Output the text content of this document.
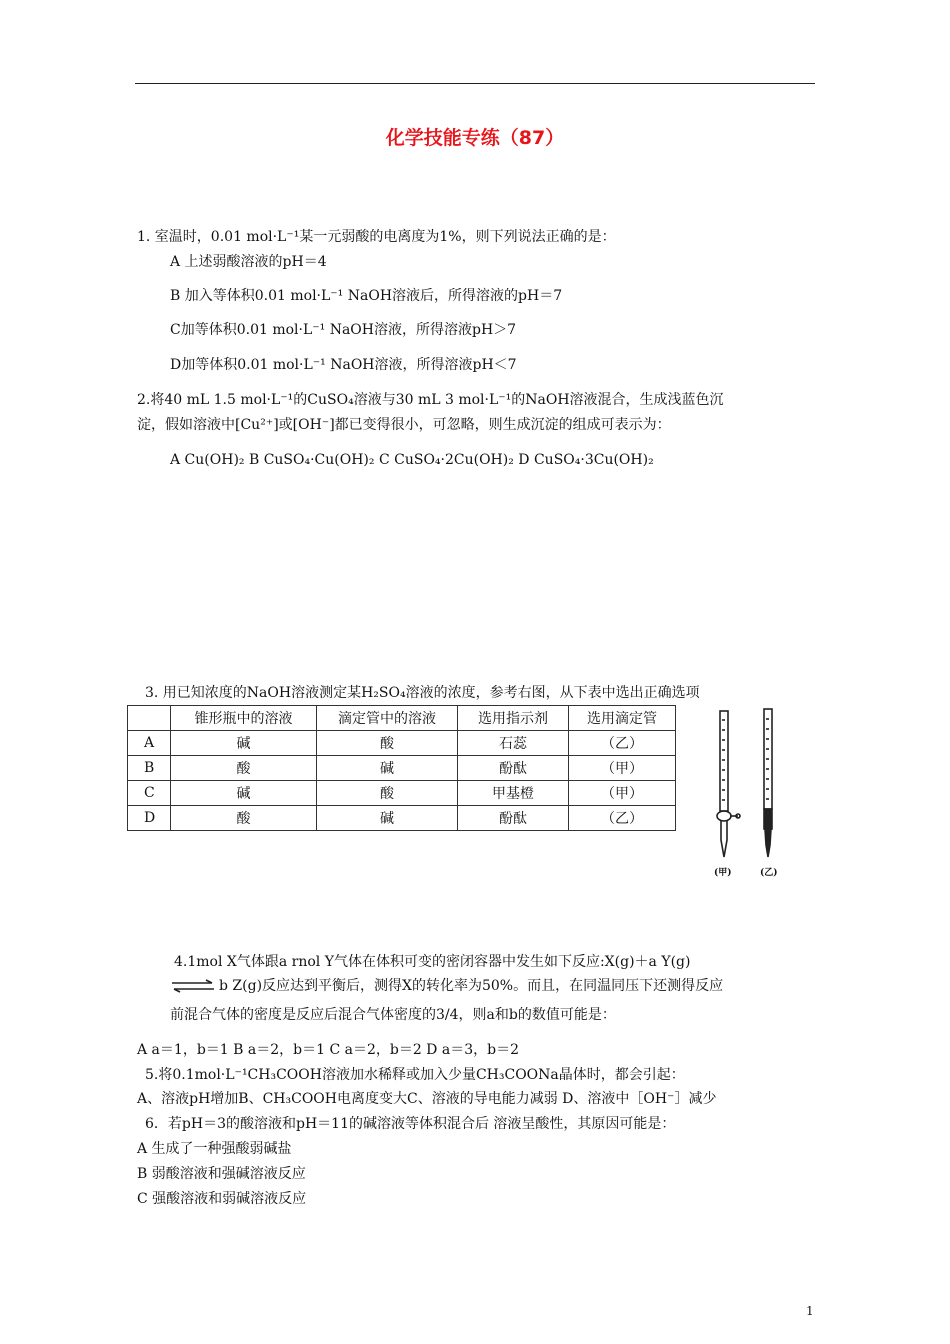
化学技能专练（87）
1. 室温时，0.01 mol·L⁻¹某一元弱酸的电离度为1%，则下列说法正确的是：
A 上述弱酸溶液的pH＝4
B 加入等体积0.01 mol·L⁻¹ NaOH溶液后，所得溶液的pH＝7
C加等体积0.01 mol·L⁻¹ NaOH溶液，所得溶液pH＞7
D加等体积0.01 mol·L⁻¹ NaOH溶液，所得溶液pH＜7
2.将40 mL 1.5 mol·L⁻¹的CuSO₄溶液与30 mL 3 mol·L⁻¹的NaOH溶液混合，生成浅蓝色沉
淀，假如溶液中[Cu²⁺]或[OH⁻]都已变得很小，可忽略，则生成沉淀的组成可表示为：
A Cu(OH)₂ B CuSO₄·Cu(OH)₂ C CuSO₄·2Cu(OH)₂ D CuSO₄·3Cu(OH)₂
3. 用已知浓度的NaOH溶液测定某H₂SO₄溶液的浓度，参考右图，从下表中选出正确选项
	锥形瓶中的溶液	滴定管中的溶液	选用指示剂	选用滴定管
A	碱	酸	石蕊	（乙）
B	酸	碱	酚酞	（甲）
C	碱	酸	甲基橙	（甲）
D	酸	碱	酚酞	（乙）
(甲)	(乙)
4.1mol X气体跟a rnol Y气体在体积可变的密闭容器中发生如下反应:X(g)＋a Y(g)
⇌ b Z(g)反应达到平衡后，测得X的转化率为50%。而且，在同温同压下还测得反应
前混合气体的密度是反应后混合气体密度的3/4，则a和b的数值可能是：
A a＝1，b＝1 B a＝2，b＝1 C a＝2，b＝2 D a＝3，b＝2
5.将0.1mol·L⁻¹CH₃COOH溶液加水稀释或加入少量CH₃COONa晶体时，都会引起：
A、溶液pH增加B、CH₃COOH电离度变大C、溶液的导电能力减弱 D、溶液中［OH⁻］减少
6．若pH＝3的酸溶液和pH＝11的碱溶液等体积混合后 溶液呈酸性，其原因可能是：
A 生成了一种强酸弱碱盐
B 弱酸溶液和强碱溶液反应
C 强酸溶液和弱碱溶液反应
1
